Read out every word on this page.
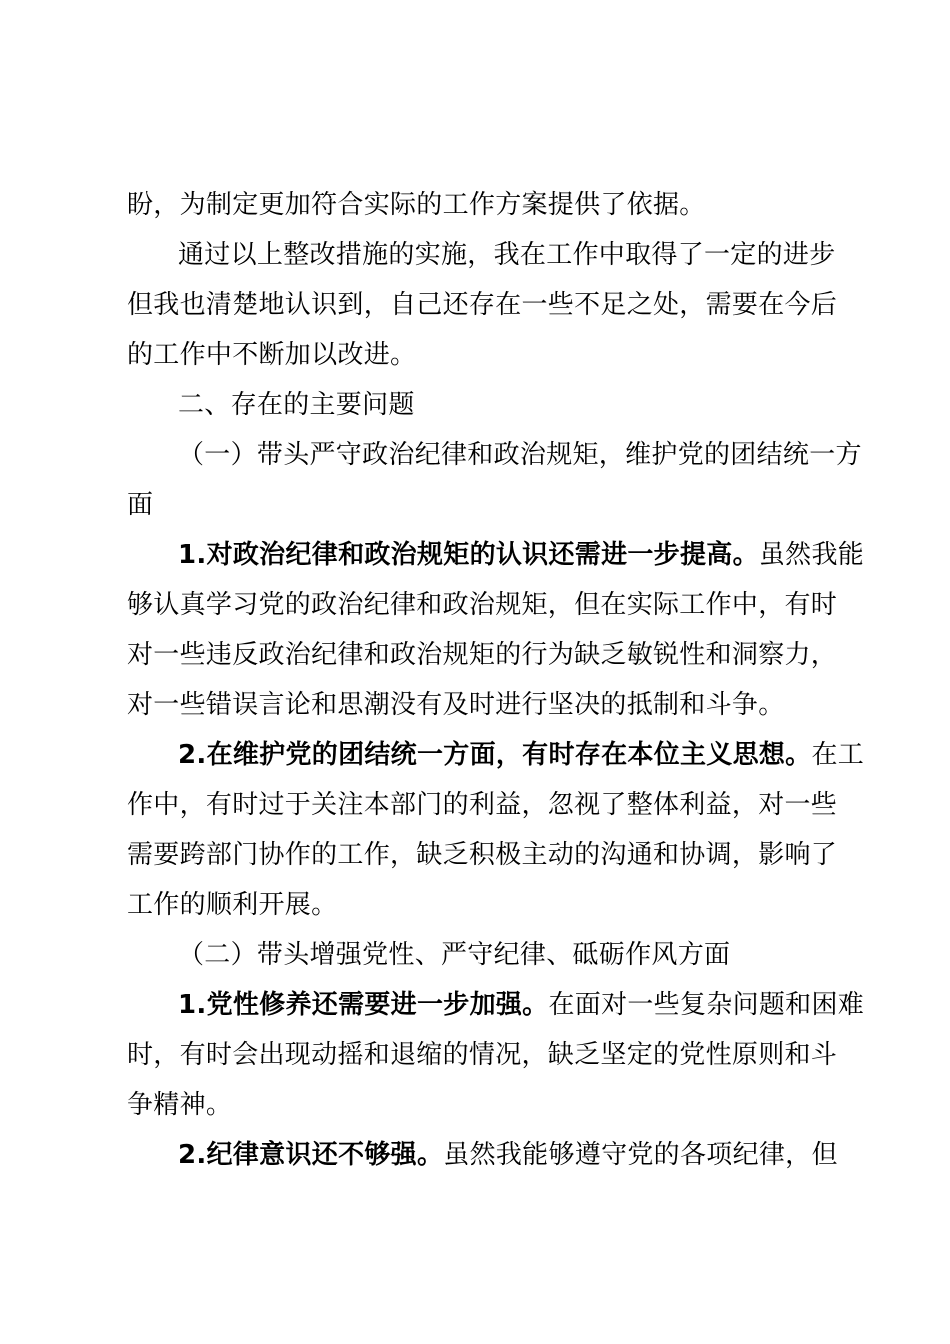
盼，为制定更加符合实际的工作方案提供了依据。
通过以上整改措施的实施，我在工作中取得了一定的进步
但我也清楚地认识到，自己还存在一些不足之处，需要在今后
的工作中不断加以改进。
二、存在的主要问题
（一）带头严守政治纪律和政治规矩，维护党的团结统一方
面
1.对政治纪律和政治规矩的认识还需进一步提高。虽然我能
够认真学习党的政治纪律和政治规矩，但在实际工作中，有时
对一些违反政治纪律和政治规矩的行为缺乏敏锐性和洞察力，
对一些错误言论和思潮没有及时进行坚决的抵制和斗争。
2.在维护党的团结统一方面，有时存在本位主义思想。在工
作中，有时过于关注本部门的利益，忽视了整体利益，对一些
需要跨部门协作的工作，缺乏积极主动的沟通和协调，影响了
工作的顺利开展。
（二）带头增强党性、严守纪律、砥砺作风方面
1.党性修养还需要进一步加强。在面对一些复杂问题和困难
时，有时会出现动摇和退缩的情况，缺乏坚定的党性原则和斗
争精神。
2.纪律意识还不够强。虽然我能够遵守党的各项纪律，但
